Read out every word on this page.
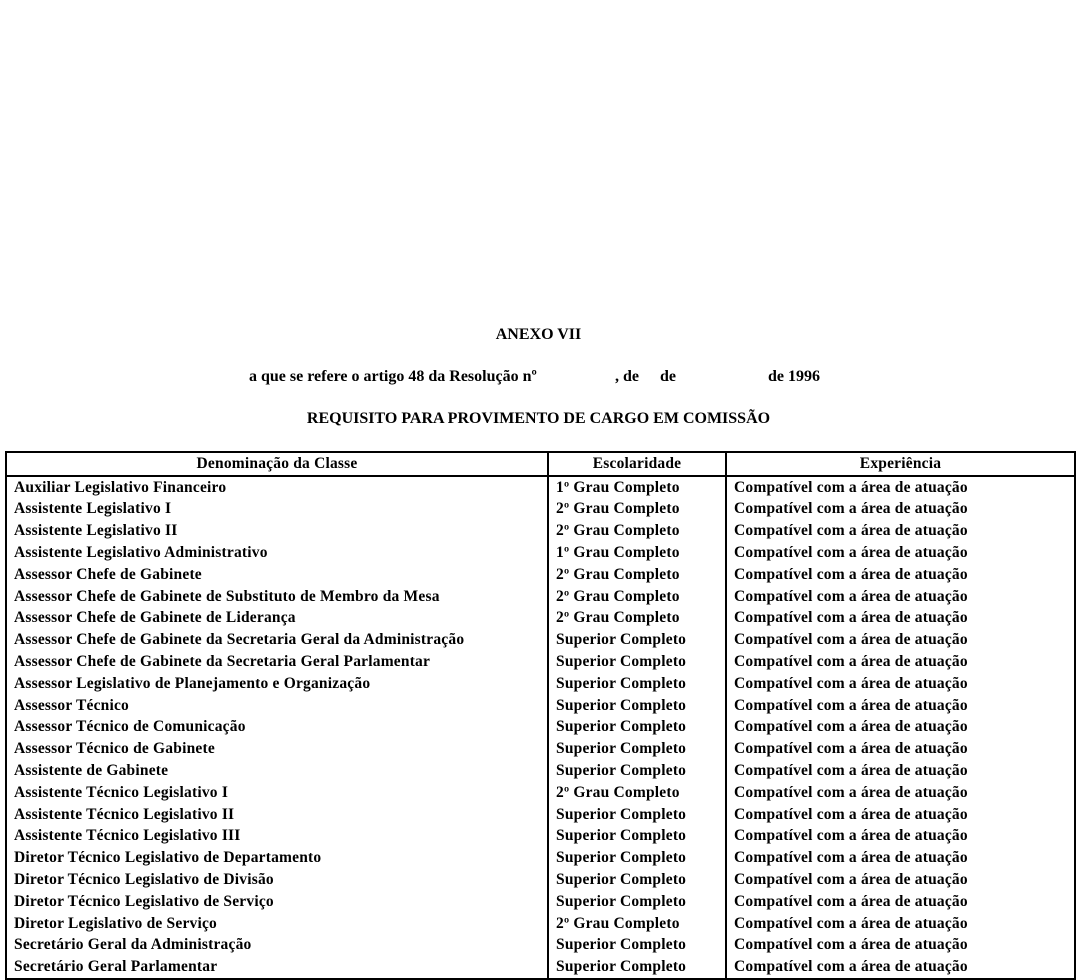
ANEXO VII
a que se refere o artigo 48 da Resolução nº	, de de	de 1996
REQUISITO PARA PROVIMENTO DE CARGO EM COMISSÃO
Denominação da Classe	Escolaridade	Experiência
Auxiliar Legislativo Financeiro	1º Grau Completo	Compatível com a área de atuação
Assistente Legislativo I	2º Grau Completo	Compatível com a área de atuação
Assistente Legislativo II	2º Grau Completo	Compatível com a área de atuação
Assistente Legislativo Administrativo	1º Grau Completo	Compatível com a área de atuação
Assessor Chefe de Gabinete	2º Grau Completo	Compatível com a área de atuação
Assessor Chefe de Gabinete de Substituto de Membro da Mesa	2º Grau Completo	Compatível com a área de atuação
Assessor Chefe de Gabinete de Liderança	2º Grau Completo	Compatível com a área de atuação
Assessor Chefe de Gabinete da Secretaria Geral da Administração	Superior Completo	Compatível com a área de atuação
Assessor Chefe de Gabinete da Secretaria Geral Parlamentar	Superior Completo	Compatível com a área de atuação
Assessor Legislativo de Planejamento e Organização	Superior Completo	Compatível com a área de atuação
Assessor Técnico	Superior Completo	Compatível com a área de atuação
Assessor Técnico de Comunicação	Superior Completo	Compatível com a área de atuação
Assessor Técnico de Gabinete	Superior Completo	Compatível com a área de atuação
Assistente de Gabinete	Superior Completo	Compatível com a área de atuação
Assistente Técnico Legislativo I	2º Grau Completo	Compatível com a área de atuação
Assistente Técnico Legislativo II	Superior Completo	Compatível com a área de atuação
Assistente Técnico Legislativo III	Superior Completo	Compatível com a área de atuação
Diretor Técnico Legislativo de Departamento	Superior Completo	Compatível com a área de atuação
Diretor Técnico Legislativo de Divisão	Superior Completo	Compatível com a área de atuação
Diretor Técnico Legislativo de Serviço	Superior Completo	Compatível com a área de atuação
Diretor Legislativo de Serviço	2º Grau Completo	Compatível com a área de atuação
Secretário Geral da Administração	Superior Completo	Compatível com a área de atuação
Secretário Geral Parlamentar	Superior Completo	Compatível com a área de atuação
